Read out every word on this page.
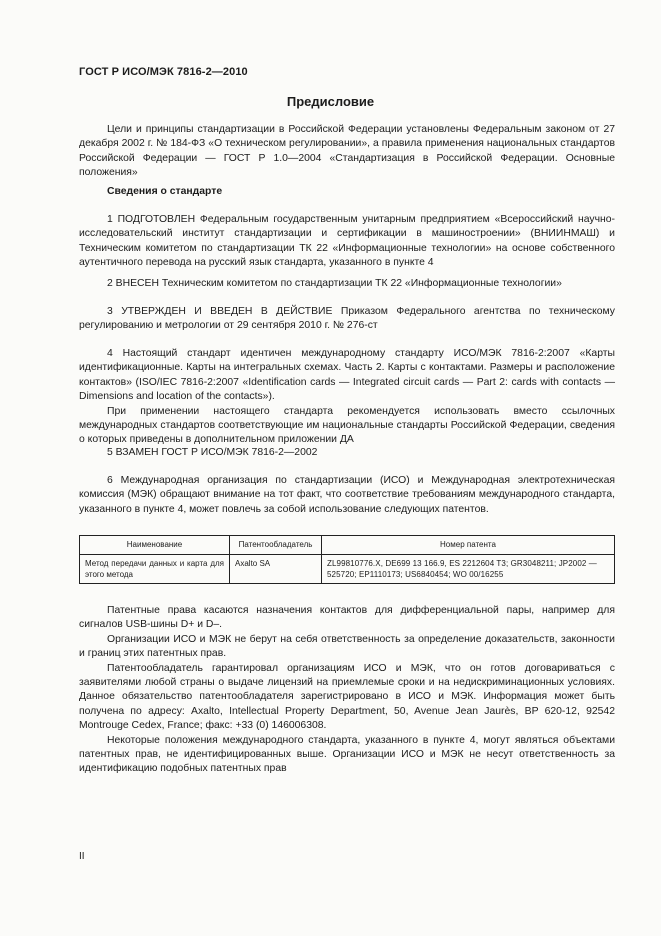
ГОСТ Р ИСО/МЭК 7816-2—2010
Предисловие

Цели и принципы стандартизации в Российской Федерации установлены Федеральным законом от 27 декабря 2002 г. № 184-ФЗ «О техническом регулировании», а правила применения национальных стандартов Российской Федерации — ГОСТ Р 1.0—2004 «Стандартизация в Российской Федерации. Основные положения»

Сведения о стандарте

1 ПОДГОТОВЛЕН Федеральным государственным унитарным предприятием «Всероссийский научно-исследовательский институт стандартизации и сертификации в машиностроении» (ВНИИНМАШ) и Техническим комитетом по стандартизации ТК 22 «Информационные технологии» на основе собственного аутентичного перевода на русский язык стандарта, указанного в пункте 4

2 ВНЕСЕН Техническим комитетом по стандартизации ТК 22 «Информационные технологии»

3 УТВЕРЖДЕН И ВВЕДЕН В ДЕЙСТВИЕ Приказом Федерального агентства по техническому регулированию и метрологии от 29 сентября 2010 г. № 276-ст

4 Настоящий стандарт идентичен международному стандарту ИСО/МЭК 7816-2:2007 «Карты идентификационные. Карты на интегральных схемах. Часть 2. Карты с контактами. Размеры и расположение контактов» (ISO/IEC 7816-2:2007 «Identification cards — Integrated circuit cards — Part 2: cards with contacts — Dimensions and location of the contacts»).

При применении настоящего стандарта рекомендуется использовать вместо ссылочных международных стандартов соответствующие им национальные стандарты Российской Федерации, сведения о которых приведены в дополнительном приложении ДА

5 ВЗАМЕН ГОСТ Р ИСО/МЭК 7816-2—2002

6 Международная организация по стандартизации (ИСО) и Международная электротехническая комиссия (МЭК) обращают внимание на тот факт, что соответствие требованиям международного стандарта, указанного в пункте 4, может повлечь за собой использование следующих патентов.

Наименование	Патентообладатель	Номер патента
Метод передачи данных и карта для этого метода	Axalto SA	ZL99810776.X, DE699 13 166.9, ES 2212604 T3; GR3048211; JP2002 — 525720; EP1110173; US6840454; WO 00/16255

Патентные права касаются назначения контактов для дифференциальной пары, например для сигналов USB-шины D+ и D–.

Организации ИСО и МЭК не берут на себя ответственность за определение доказательств, законности и границ этих патентных прав.

Патентообладатель гарантировал организациям ИСО и МЭК, что он готов договариваться с заявителями любой страны о выдаче лицензий на приемлемые сроки и на недискриминационных условиях. Данное обязательство патентообладателя зарегистрировано в ИСО и МЭК. Информация может быть получена по адресу: Axalto, Intellectual Property Department, 50, Avenue Jean Jaurès, BP 620-12, 92542 Montrouge Cedex, France; факс: +33 (0) 146006308.

Некоторые положения международного стандарта, указанного в пункте 4, могут являться объектами патентных прав, не идентифицированных выше. Организации ИСО и МЭК не несут ответственность за идентификацию подобных патентных прав

II
